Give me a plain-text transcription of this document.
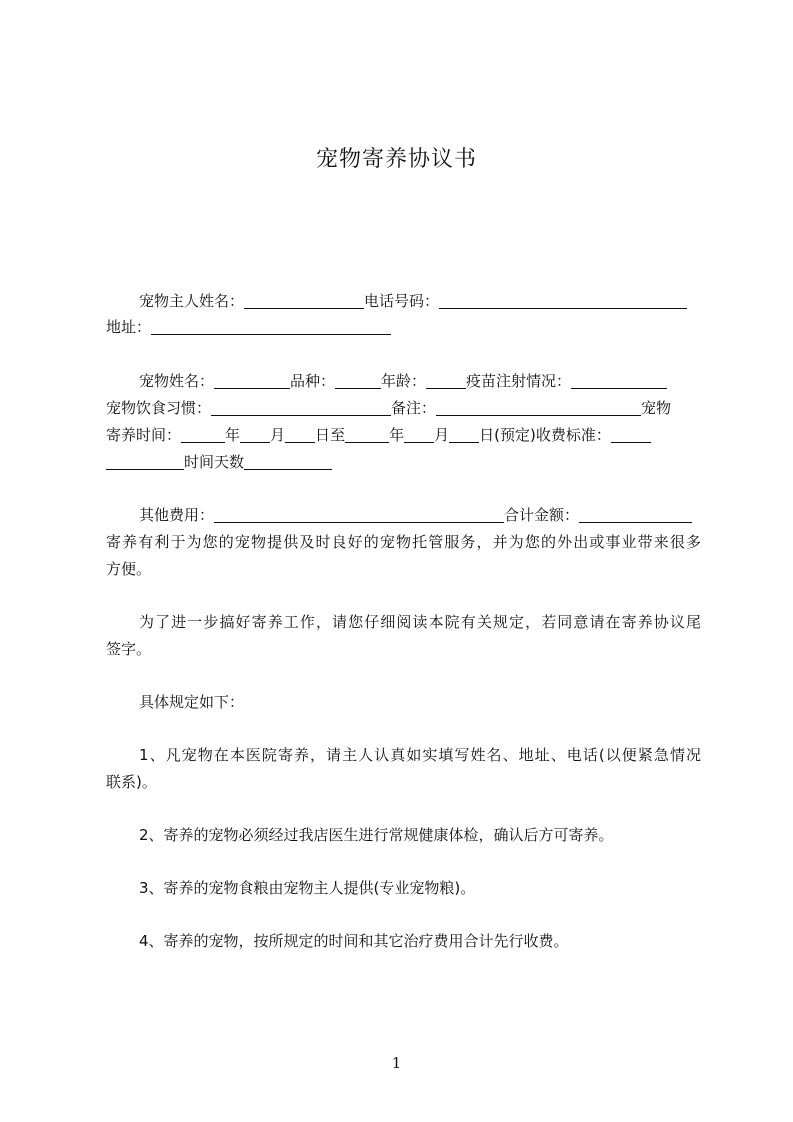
宠物寄养协议书
宠物主人姓名：	电话号码：
地址：
宠物姓名：	品种：	年龄：	疫苗注射情况：
宠物饮食习惯：	备注：	宠物
寄养时间：	年 月 日至	年 月 日(预定)收费标准：
时间天数
其他费用：	合计金额：
寄养有利于为您的宠物提供及时良好的宠物托管服务，并为您的外出或事业带来很多
方便。
为了进一步搞好寄养工作，请您仔细阅读本院有关规定，若同意请在寄养协议尾
签字。
具体规定如下：
1、凡宠物在本医院寄养，请主人认真如实填写姓名、地址、电话(以便紧急情况
联系)。
2、寄养的宠物必须经过我店医生进行常规健康体检，确认后方可寄养。
3、寄养的宠物食粮由宠物主人提供(专业宠物粮)。
4、寄养的宠物，按所规定的时间和其它治疗费用合计先行收费。
1
